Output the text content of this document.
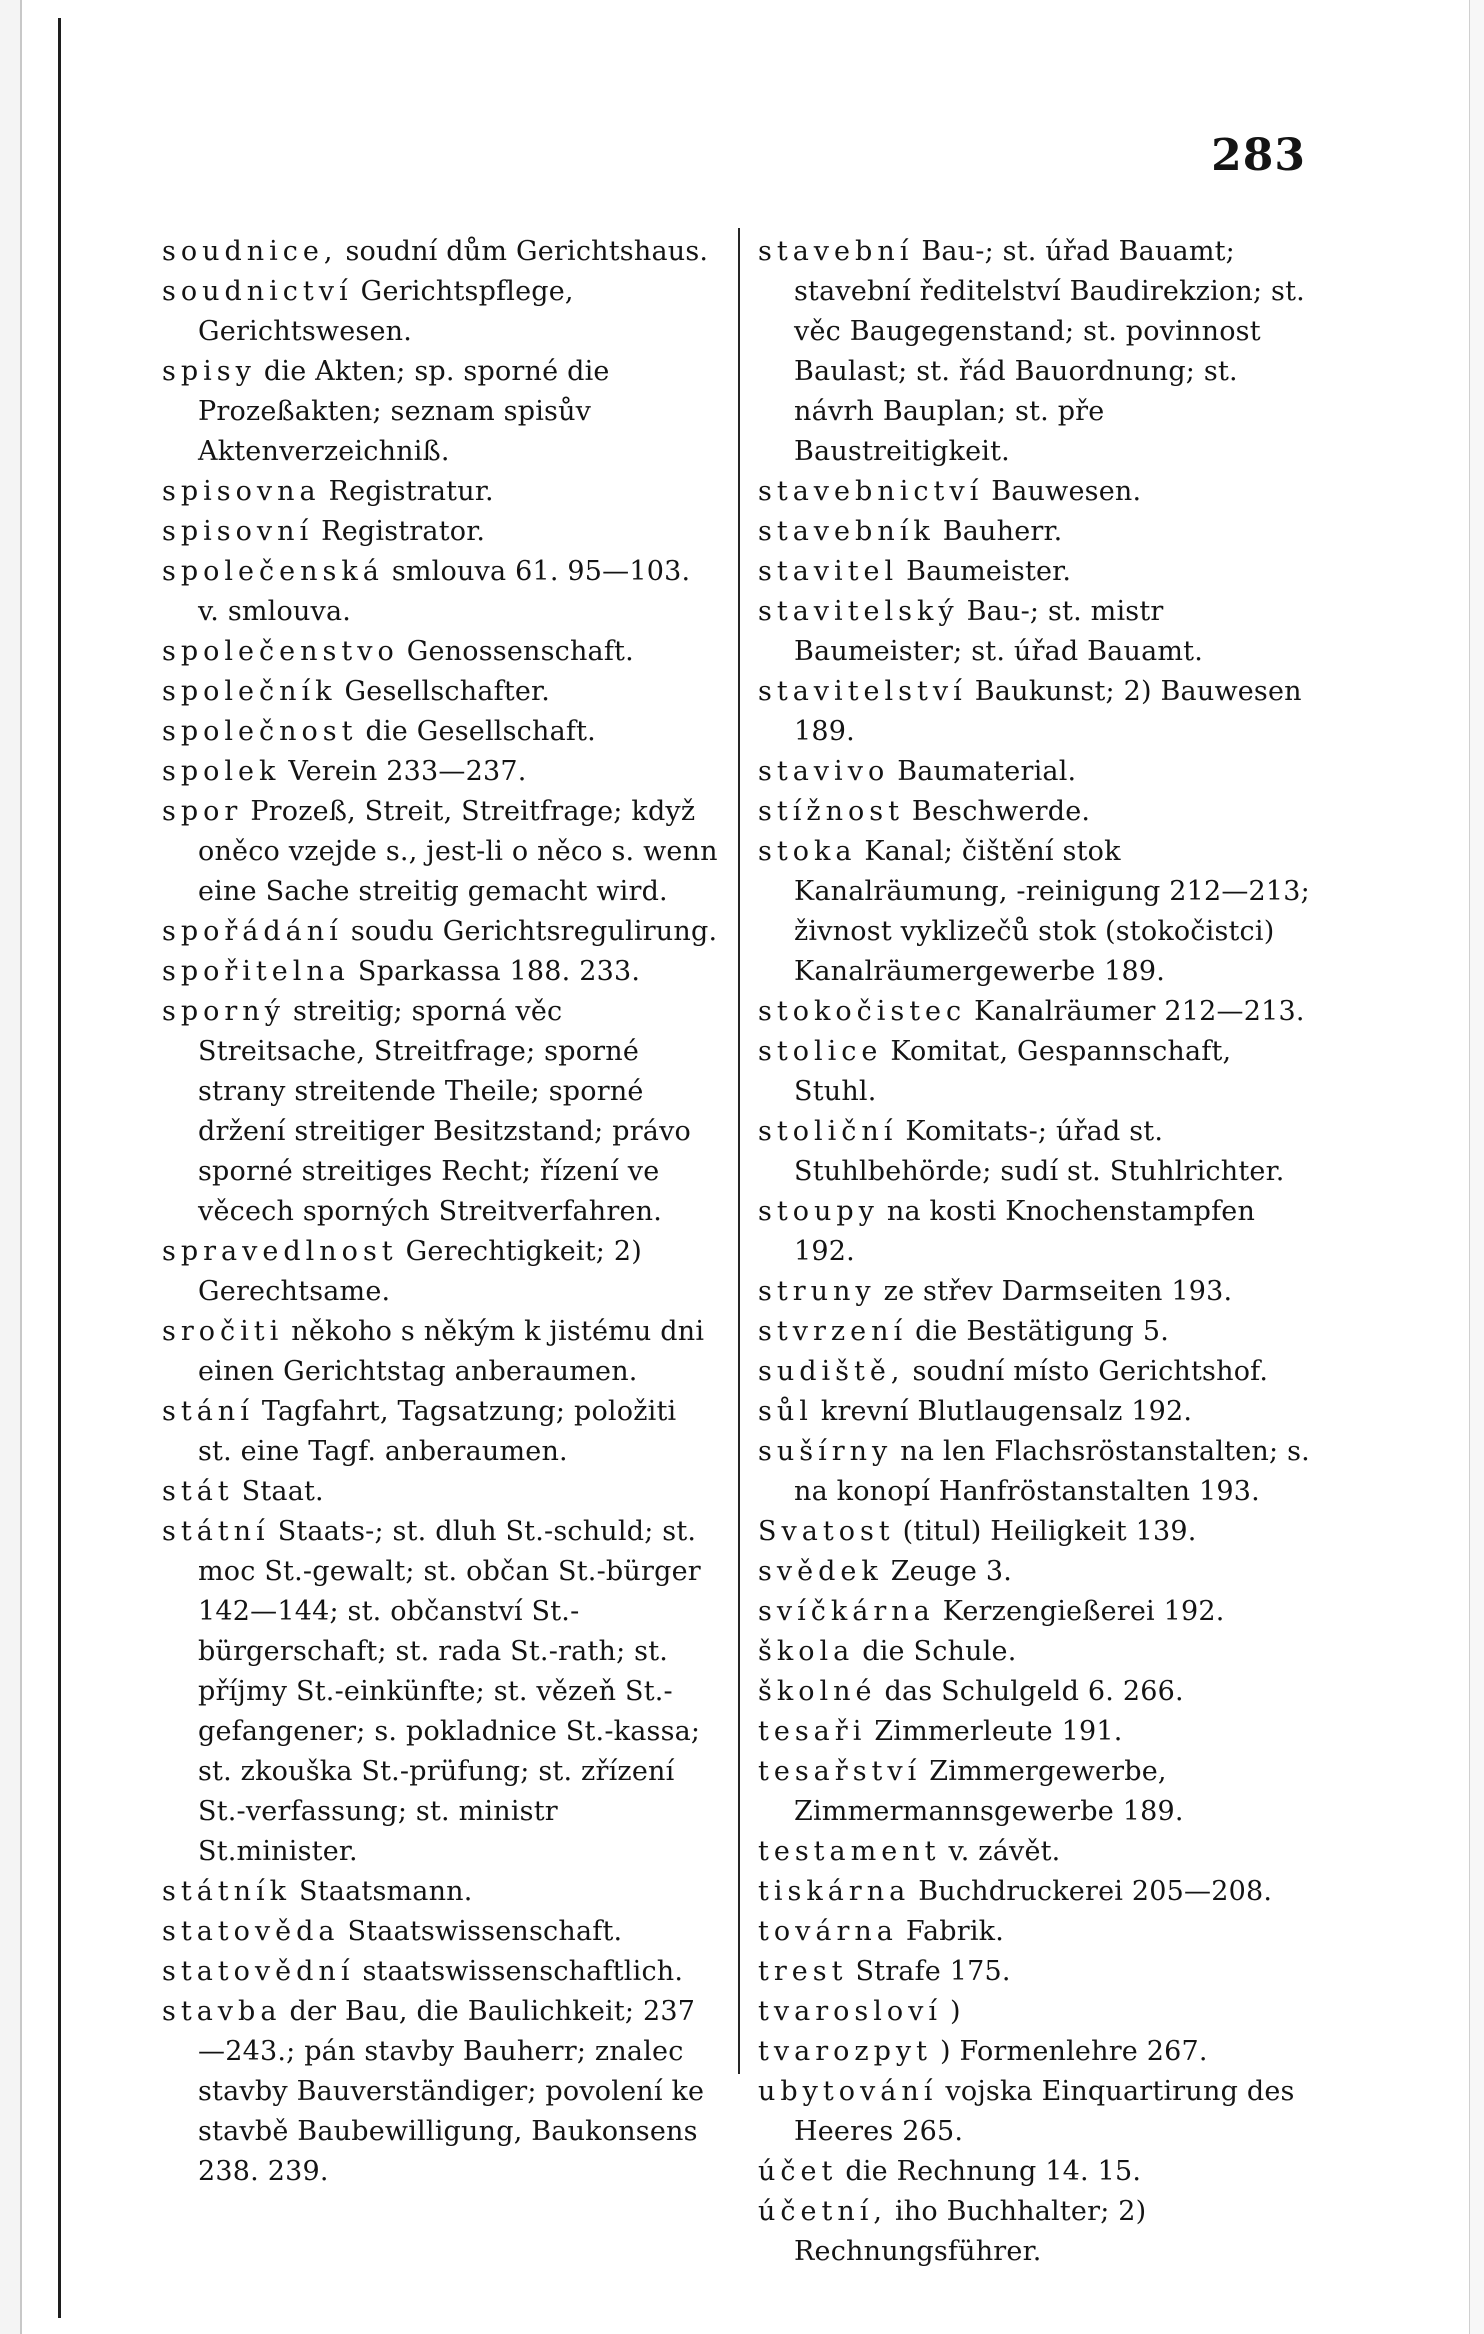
283
soudnice, soudní dům Gerichtshaus.
soudnictví Gerichtspflege, Gerichtswesen.
spisy die Akten; sp. sporné die Prozeßakten; seznam spisův Aktenverzeichniß.
spisovna Registratur.
spisovní Registrator.
společenská smlouva 61. 95—103. v. smlouva.
společenstvo Genossenschaft.
společník Gesellschafter.
společnost die Gesellschaft.
spolek Verein 233—237.
spor Prozeß, Streit, Streitfrage; když oněco vzejde s., jest-li o něco s. wenn eine Sache streitig gemacht wird.
spořádání soudu Gerichtsregulirung.
spořitelna Sparkassa 188. 233.
sporný streitig; sporná věc Streitsache, Streitfrage; sporné strany streitende Theile; sporné držení streitiger Besitzstand; právo sporné streitiges Recht; řízení ve věcech sporných Streitverfahren.
spravedlnost Gerechtigkeit; 2) Gerechtsame.
sročiti někoho s někým k jistému dni einen Gerichtstag anberaumen.
stání Tagfahrt, Tagsatzung; položiti st. eine Tagf. anberaumen.
stát Staat.
státní Staats-; st. dluh St.-schuld; st. moc St.-gewalt; st. občan St.-bürger 142—144; st. občanství St.-bürgerschaft; st. rada St.-rath; st. příjmy St.-einkünfte; st. vězeň St.-gefangener; s. pokladnice St.-kassa; st. zkouška St.-prüfung; st. zřízení St.-verfassung; st. ministr St.minister.
státník Staatsmann.
statověda Staatswissenschaft.
statovědní staatswissenschaftlich.
stavba der Bau, die Baulichkeit; 237—243.; pán stavby Bauherr; znalec stavby Bauverständiger; povolení ke stavbě Baubewilligung, Baukonsens 238. 239.
stavební Bau-; st. úřad Bauamt; stavební ředitelství Baudirekzion; st. věc Baugegenstand; st. povinnost Baulast; st. řád Bauordnung; st. návrh Bauplan; st. pře Baustreitigkeit.
stavebnictví Bauwesen.
stavebník Bauherr.
stavitel Baumeister.
stavitelský Bau-; st. mistr Baumeister; st. úřad Bauamt.
stavitelství Baukunst; 2) Bauwesen 189.
stavivo Baumaterial.
stížnost Beschwerde.
stoka Kanal; čištění stok Kanalräumung, -reinigung 212—213; živnost vyklizečů stok (stokočistci) Kanalräumergewerbe 189.
stokočistec Kanalräumer 212—213.
stolice Komitat, Gespannschaft, Stuhl.
stoliční Komitats-; úřad st. Stuhlbehörde; sudí st. Stuhlrichter.
stoupy na kosti Knochenstampfen 192.
struny ze střev Darmseiten 193.
stvrzení die Bestätigung 5.
sudiště, soudní místo Gerichtshof.
sůl krevní Blutlaugensalz 192.
sušírny na len Flachsröstanstalten; s. na konopí Hanfröstanstalten 193.
Svatost (titul) Heiligkeit 139.
svědek Zeuge 3.
svíčkárna Kerzengießerei 192.
škola die Schule.
školné das Schulgeld 6. 266.
tesaři Zimmerleute 191.
tesařství Zimmergewerbe, Zimmermannsgewerbe 189.
testament v. závět.
tiskárna Buchdruckerei 205—208.
továrna Fabrik.
trest Strafe 175.
tvarosloví )
tvarozpyt ) Formenlehre 267.
ubytování vojska Einquartirung des Heeres 265.
účet die Rechnung 14. 15.
účetní, iho Buchhalter; 2) Rechnungsführer.
